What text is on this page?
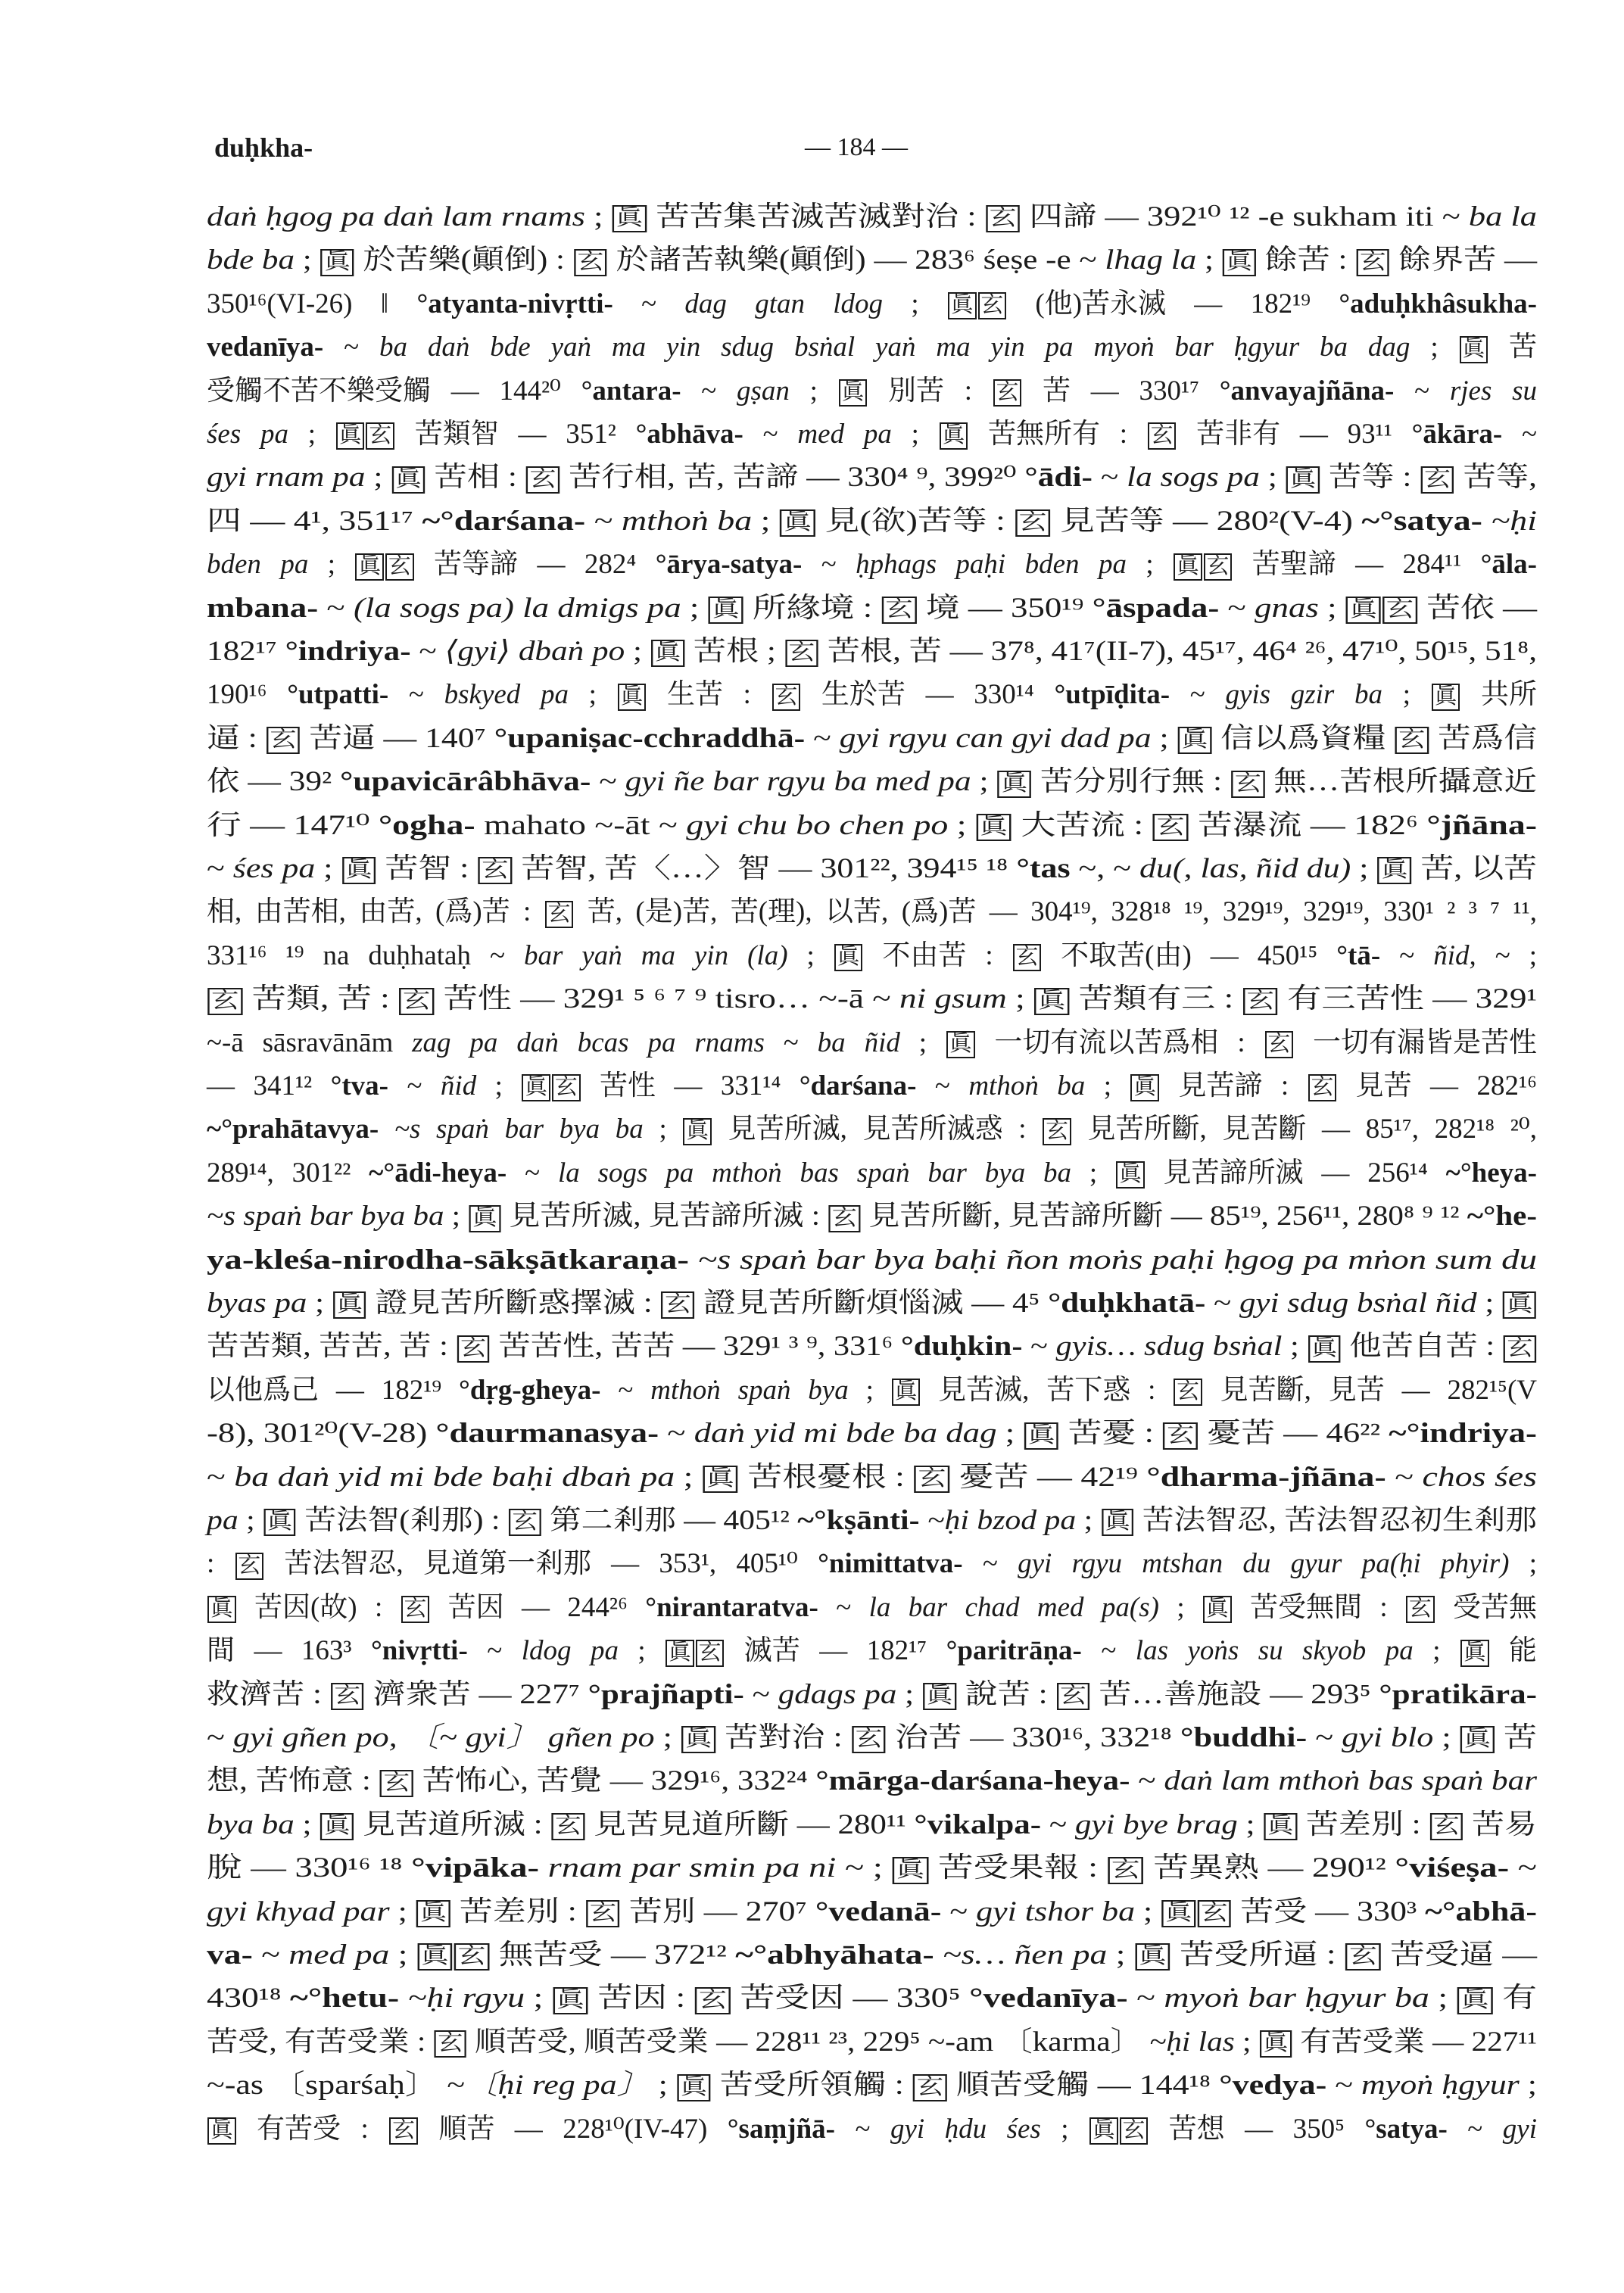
duḥkha-	— 184 —
daṅ ḥgog pa daṅ lam rnams ; 眞 苦苦集苦滅苦滅對治 : 玄 四諦 — 392¹⁰ ¹² -e sukham iti ~ ba la
bde ba ; 眞 於苦樂(顚倒) : 玄 於諸苦執樂(顚倒) — 283⁶ śeṣe -e ~ lhag la ; 眞 餘苦 : 玄 餘界苦 —
350¹⁶(VI-26) ‖ °atyanta-nivṛtti- ~ dag gtan ldog ; 眞 玄 (他)苦永滅 — 182¹⁹ °aduḥkhâsukha-
vedanīya- ~ ba daṅ bde yaṅ ma yin sdug bsṅal yaṅ ma yin pa myoṅ bar ḥgyur ba dag ; 眞 苦
受觸不苦不樂受觸 — 144²⁰ °antara- ~ gṣan ; 眞 別苦 : 玄 苦 — 330¹⁷ °anvayajñāna- ~ rjes su
śes pa ; 眞 玄 苦類智 — 351² °abhāva- ~ med pa ; 眞 苦無所有 : 玄 苦非有 — 93¹¹ °ākāra- ~
gyi rnam pa ; 眞 苦相 : 玄 苦行相, 苦, 苦諦 — 330⁴ ⁹, 399²⁰ °ādi- ~ la sogs pa ; 眞 苦等 : 玄 苦等,
四 — 4¹, 351¹⁷ ~°darśana- ~ mthoṅ ba ; 眞 見(欲)苦等 : 玄 見苦等 — 280²(V-4) ~°satya- ~ḥi
bden pa ; 眞 玄 苦等諦 — 282⁴ °ārya-satya- ~ ḥphags paḥi bden pa ; 眞 玄 苦聖諦 — 284¹¹ °āla-
mbana- ~ (la sogs pa) la dmigs pa ; 眞 所緣境 : 玄 境 — 350¹⁹ °āspada- ~ gnas ; 眞 玄 苦依 —
182¹⁷ °indriya- ~ ⟨gyi⟩ dbaṅ po ; 眞 苦根 ; 玄 苦根, 苦 — 37⁸, 41⁷(II-7), 45¹⁷, 46⁴ ²⁶, 47¹⁰, 50¹⁵, 51⁸,
190¹⁶ °utpatti- ~ bskyed pa ; 眞 生苦 : 玄 生於苦 — 330¹⁴ °utpīḍita- ~ gyis gzir ba ; 眞 共所
逼 : 玄 苦逼 — 140⁷ °upaniṣac-cchraddhā- ~ gyi rgyu can gyi dad pa ; 眞 信以爲資糧 玄 苦爲信
依 — 39² °upavicārâbhāva- ~ gyi ñe bar rgyu ba med pa ; 眞 苦分別行無 : 玄 無…苦根所攝意近
行 — 147¹⁰ °ogha- mahato ~-āt ~ gyi chu bo chen po ; 眞 大苦流 : 玄 苦瀑流 — 182⁶ °jñāna-
~ śes pa ; 眞 苦智 : 玄 苦智, 苦〈…〉智 — 301²², 394¹⁵ ¹⁸ °tas ~, ~ du(, las, ñid du) ; 眞 苦, 以苦
相, 由苦相, 由苦, (爲)苦 : 玄 苦, (是)苦, 苦(理), 以苦, (爲)苦 — 304¹⁹, 328¹⁸ ¹⁹, 329¹⁹, 329¹⁹, 330¹ ² ³ ⁷ ¹¹,
331¹⁶ ¹⁹ na duḥhataḥ ~ bar yaṅ ma yin (la) ; 眞 不由苦 : 玄 不取苦(由) — 450¹⁵ °tā- ~ ñid, ~ ;
玄 苦類, 苦 : 玄 苦性 — 329¹ ⁵ ⁶ ⁷ ⁹ tisro… ~-ā ~ ni gsum ; 眞 苦類有三 : 玄 有三苦性 — 329¹
~-ā sāsravānām zag pa daṅ bcas pa rnams ~ ba ñid ; 眞 一切有流以苦爲相 : 玄 一切有漏皆是苦性
— 341¹² °tva- ~ ñid ; 眞 玄 苦性 — 331¹⁴ °darśana- ~ mthoṅ ba ; 眞 見苦諦 : 玄 見苦 — 282¹⁶
~°prahātavya- ~s spaṅ bar bya ba ; 眞 見苦所滅, 見苦所滅惑 : 玄 見苦所斷, 見苦斷 — 85¹⁷, 282¹⁸ ²⁰,
289¹⁴, 301²² ~°ādi-heya- ~ la sogs pa mthoṅ bas spaṅ bar bya ba ; 眞 見苦諦所滅 — 256¹⁴ ~°heya-
~s spaṅ bar bya ba ; 眞 見苦所滅, 見苦諦所滅 : 玄 見苦所斷, 見苦諦所斷 — 85¹⁹, 256¹¹, 280⁸ ⁹ ¹² ~°he-
ya-kleśa-nirodha-sākṣātkaraṇa- ~s spaṅ bar bya baḥi ñon moṅs paḥi ḥgog pa mṅon sum du
byas pa ; 眞 證見苦所斷惑擇滅 : 玄 證見苦所斷煩惱滅 — 4⁵ °duḥkhatā- ~ gyi sdug bsṅal ñid ; 眞
苦苦類, 苦苦, 苦 : 玄 苦苦性, 苦苦 — 329¹ ³ ⁹, 331⁶ °duḥkin- ~ gyis… sdug bsṅal ; 眞 他苦自苦 : 玄
以他爲己 — 182¹⁹ °dṛg-gheya- ~ mthoṅ spaṅ bya ; 眞 見苦滅, 苦下惑 : 玄 見苦斷, 見苦 — 282¹⁵(V
-8), 301²⁰(V-28) °daurmanasya- ~ daṅ yid mi bde ba dag ; 眞 苦憂 : 玄 憂苦 — 46²² ~°indriya-
~ ba daṅ yid mi bde baḥi dbaṅ pa ; 眞 苦根憂根 : 玄 憂苦 — 42¹⁹ °dharma-jñāna- ~ chos śes
pa ; 眞 苦法智(剎那) : 玄 第二剎那 — 405¹² ~°kṣānti- ~ḥi bzod pa ; 眞 苦法智忍, 苦法智忍初生剎那
: 玄 苦法智忍, 見道第一剎那 — 353¹, 405¹⁰ °nimittatva- ~ gyi rgyu mtshan du gyur pa(ḥi phyir) ;
眞 苦因(故) : 玄 苦因 — 244²⁶ °nirantaratva- ~ la bar chad med pa(s) ; 眞 苦受無間 : 玄 受苦無
間 — 163³ °nivṛtti- ~ ldog pa ; 眞 玄 滅苦 — 182¹⁷ °paritrāṇa- ~ las yoṅs su skyob pa ; 眞 能
救濟苦 : 玄 濟衆苦 — 227⁷ °prajñapti- ~ gdags pa ; 眞 說苦 : 玄 苦…善施設 — 293⁵ °pratikāra-
~ gyi gñen po, 〔~ gyi〕 gñen po ; 眞 苦對治 : 玄 治苦 — 330¹⁶, 332¹⁸ °buddhi- ~ gyi blo ; 眞 苦
想, 苦怖意 : 玄 苦怖心, 苦覺 — 329¹⁶, 332²⁴ °mārga-darśana-heya- ~ daṅ lam mthoṅ bas spaṅ bar
bya ba ; 眞 見苦道所滅 : 玄 見苦見道所斷 — 280¹¹ °vikalpa- ~ gyi bye brag ; 眞 苦差別 : 玄 苦易
脫 — 330¹⁶ ¹⁸ °vipāka- rnam par smin pa ni ~ ; 眞 苦受果報 : 玄 苦異熟 — 290¹² °viśeṣa- ~
gyi khyad par ; 眞 苦差別 : 玄 苦別 — 270⁷ °vedanā- ~ gyi tshor ba ; 眞 玄 苦受 — 330³ ~°abhā-
va- ~ med pa ; 眞 玄 無苦受 — 372¹² ~°abhyāhata- ~s… ñen pa ; 眞 苦受所逼 : 玄 苦受逼 —
430¹⁸ ~°hetu- ~ḥi rgyu ; 眞 苦因 : 玄 苦受因 — 330⁵ °vedanīya- ~ myoṅ bar ḥgyur ba ; 眞 有
苦受, 有苦受業 : 玄 順苦受, 順苦受業 — 228¹¹ ²³, 229⁵ ~-am 〔karma〕 ~ḥi las ; 眞 有苦受業 — 227¹¹
~-as 〔sparśaḥ〕 ~〔ḥi reg pa〕 ; 眞 苦受所領觸 : 玄 順苦受觸 — 144¹⁸ °vedya- ~ myoṅ ḥgyur ;
眞 有苦受 : 玄 順苦 — 228¹⁰(IV-47) °saṃjñā- ~ gyi ḥdu śes ; 眞 玄 苦想 — 350⁵ °satya- ~ gyi
